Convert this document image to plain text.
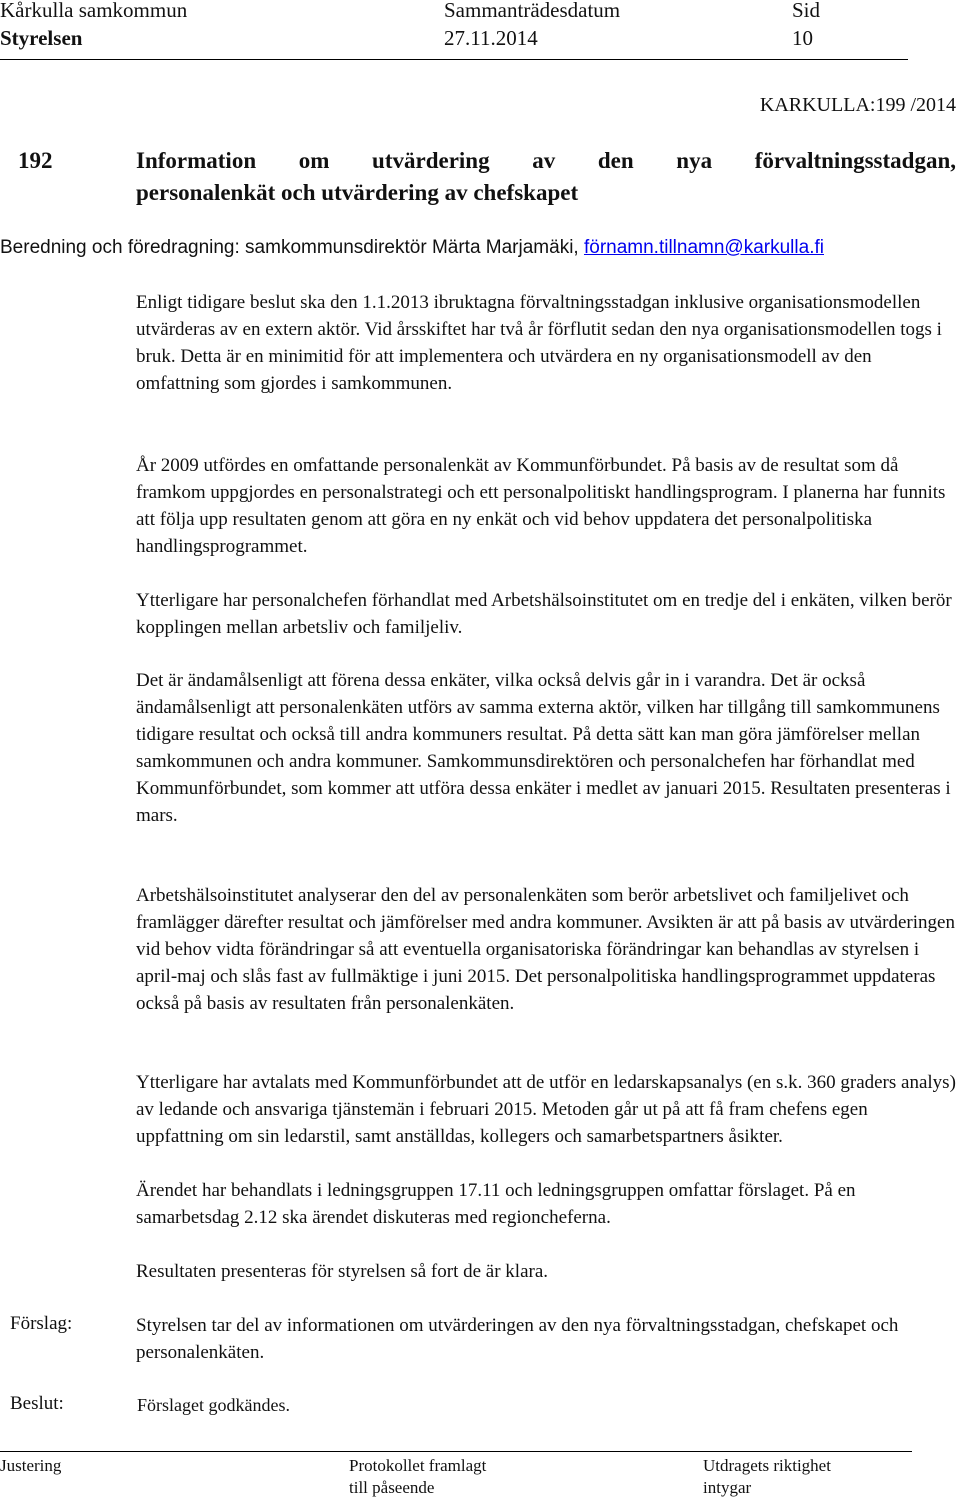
Kårkulla samkommun
Styrelsen
Sammanträdesdatum
27.11.2014
Sid
10
KARKULLA:199 /2014
192	Information om utvärdering av den nya förvaltningsstadgan,
personalenkät och utvärdering av chefskapet
Beredning och föredragning: samkommunsdirektör Märta Marjamäki, förnamn.tillnamn@karkulla.fi

Enligt tidigare beslut ska den 1.1.2013 ibruktagna förvaltningsstadgan inklusive organisationsmodellen utvärderas av en extern aktör. Vid årsskiftet har två år förflutit sedan den nya organisationsmodellen togs i bruk. Detta är en minimitid för att implementera och utvärdera en ny organisationsmodell av den omfattning som gjordes i samkommunen.

År 2009 utfördes en omfattande personalenkät av Kommunförbundet. På basis av de resultat som då framkom uppgjordes en personalstrategi och ett personalpolitiskt handlingsprogram. I planerna har funnits att följa upp resultaten genom att göra en ny enkät och vid behov uppdatera det personalpolitiska handlingsprogrammet.

Ytterligare har personalchefen förhandlat med Arbetshälsoinstitutet om en tredje del i enkäten, vilken berör kopplingen mellan arbetsliv och familjeliv.

Det är ändamålsenligt att förena dessa enkäter, vilka också delvis går in i varandra. Det är också ändamålsenligt att personalenkäten utförs av samma externa aktör, vilken har tillgång till samkommunens tidigare resultat och också till andra kommuners resultat. På detta sätt kan man göra jämförelser mellan samkommunen och andra kommuner. Samkommunsdirektören och personalchefen har förhandlat med Kommunförbundet, som kommer att utföra dessa enkäter i medlet av januari 2015. Resultaten presenteras i mars.

Arbetshälsoinstitutet analyserar den del av personalenkäten som berör arbetslivet och familjelivet och framlägger därefter resultat och jämförelser med andra kommuner. Avsikten är att på basis av utvärderingen vid behov vidta förändringar så att eventuella organisatoriska förändringar kan behandlas av styrelsen i april-maj och slås fast av fullmäktige i juni 2015. Det personalpolitiska handlingsprogrammet uppdateras också på basis av resultaten från personalenkäten.

Ytterligare har avtalats med Kommunförbundet att de utför en ledarskapsanalys (en s.k. 360 graders analys) av ledande och ansvariga tjänstemän i februari 2015. Metoden går ut på att få fram chefens egen uppfattning om sin ledarstil, samt anställdas, kollegers och samarbetspartners åsikter.

Ärendet har behandlats i ledningsgruppen 17.11 och ledningsgruppen omfattar förslaget. På en samarbetsdag 2.12 ska ärendet diskuteras med regioncheferna.

Resultaten presenteras för styrelsen så fort de är klara.

Förslag:	Styrelsen tar del av informationen om utvärderingen av den nya förvaltningsstadgan, chefskapet och personalenkäten.

Beslut:	Förslaget godkändes.
Justering	Protokollet framlagt
till påseende
Utdragets riktighet
intygar
